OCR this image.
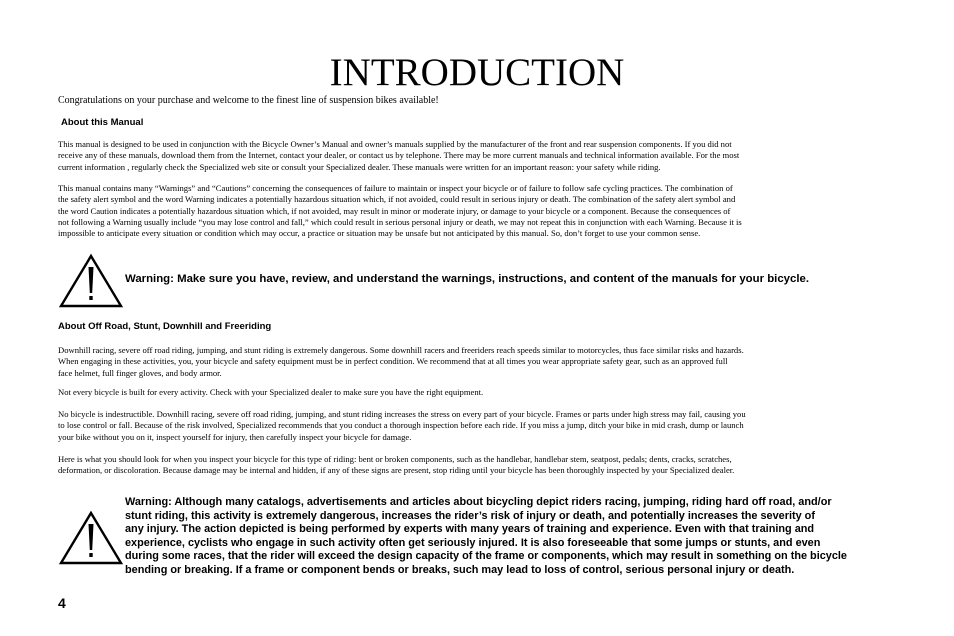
INTRODUCTION
Congratulations on your purchase and welcome to the finest line of suspension bikes available!
About this Manual
This manual is designed to be used in conjunction with the Bicycle Owner’s Manual and owner’s manuals supplied by the manufacturer of the front and rear suspension components. If you did not
receive any of these manuals, download them from the Internet, contact your dealer, or contact us by telephone. There may be more current manuals and technical information available. For the most
current information , regularly check the Specialized web site or consult your Specialized dealer. These manuals were written for an important reason: your safety while riding.
This manual contains many “Warnings” and “Cautions” concerning the consequences of failure to maintain or inspect your bicycle or of failure to follow safe cycling practices. The combination of
the safety alert symbol and the word Warning indicates a potentially hazardous situation which, if not avoided, could result in serious injury or death. The combination of the safety alert symbol and
the word Caution indicates a potentially hazardous situation which, if not avoided, may result in minor or moderate injury, or damage to your bicycle or a component. Because the consequences of
not following a Warning usually include “you may lose control and fall,” which could result in serious personal injury or death, we may not repeat this in conjunction with each Warning. Because it is
impossible to anticipate every situation or condition which may occur, a practice or situation may be unsafe but not anticipated by this manual. So, don’t forget to use your common sense.
Warning: Make sure you have, review, and understand the warnings, instructions, and content of the manuals for your bicycle.
About Off Road, Stunt, Downhill and Freeriding
Downhill racing, severe off road riding, jumping, and stunt riding is extremely dangerous. Some downhill racers and freeriders reach speeds similar to motorcycles, thus face similar risks and hazards.
When engaging in these activities, you, your bicycle and safety equipment must be in perfect condition. We recommend that at all times you wear appropriate safety gear, such as an approved full
face helmet, full finger gloves, and body armor.
Not every bicycle is built for every activity. Check with your Specialized dealer to make sure you have the right equipment.
No bicycle is indestructible. Downhill racing, severe off road riding, jumping, and stunt riding increases the stress on every part of your bicycle. Frames or parts under high stress may fail, causing you
to lose control or fall. Because of the risk involved, Specialized recommends that you conduct a thorough inspection before each ride. If you miss a jump, ditch your bike in mid crash, dump or launch
your bike without you on it, inspect yourself for injury, then carefully inspect your bicycle for damage.
Here is what you should look for when you inspect your bicycle for this type of riding: bent or broken components, such as the handlebar, handlebar stem, seatpost, pedals; dents, cracks, scratches,
deformation, or discoloration. Because damage may be internal and hidden, if any of these signs are present, stop riding until your bicycle has been thoroughly inspected by your Specialized dealer.
Warning: Although many catalogs, advertisements and articles about bicycling depict riders racing, jumping, riding hard off road, and/or
stunt riding, this activity is extremely dangerous, increases the rider’s risk of injury or death, and potentially increases the severity of
any injury. The action depicted is being performed by experts with many years of training and experience. Even with that training and
experience, cyclists who engage in such activity often get seriously injured. It is also foreseeable that some jumps or stunts, and even
during some races, that the rider will exceed the design capacity of the frame or components, which may result in something on the bicycle
bending or breaking. If a frame or component bends or breaks, such may lead to loss of control, serious personal injury or death.
4
